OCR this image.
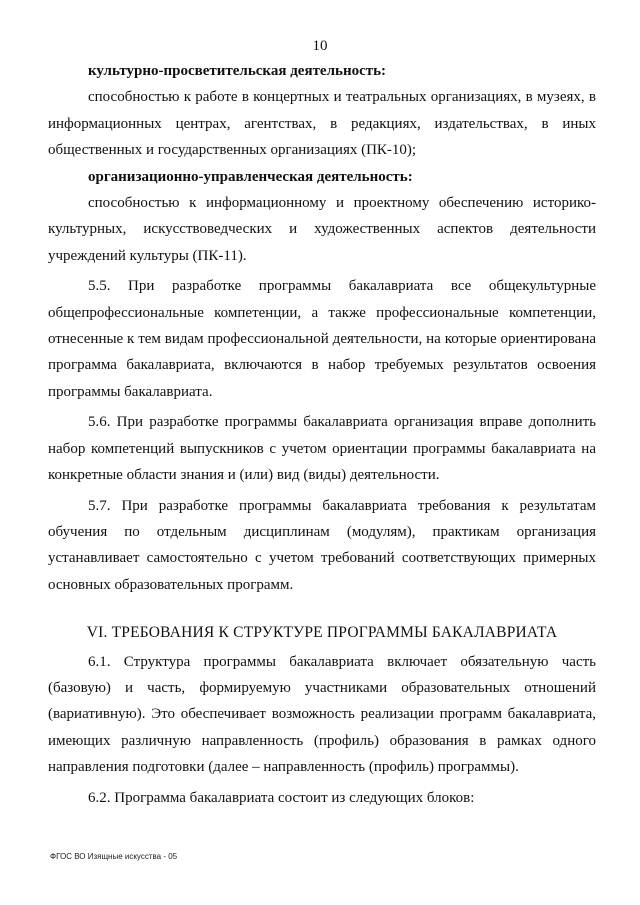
10

культурно-просветительская деятельность:

способностью к работе в концертных и театральных организациях, в музеях, в информационных центрах, агентствах, в редакциях, издательствах, в иных общественных и государственных организациях (ПК-10);

организационно-управленческая деятельность:

способностью к информационному и проектному обеспечению историко-культурных, искусствоведческих и художественных аспектов деятельности учреждений культуры (ПК-11).

5.5. При разработке программы бакалавриата все общекультурные общепрофессиональные компетенции, а также профессиональные компетенции, отнесенные к тем видам профессиональной деятельности, на которые ориентирована программа бакалавриата, включаются в набор требуемых результатов освоения программы бакалавриата.

5.6. При разработке программы бакалавриата организация вправе дополнить набор компетенций выпускников с учетом ориентации программы бакалавриата на конкретные области знания и (или) вид (виды) деятельности.

5.7. При разработке программы бакалавриата требования к результатам обучения по отдельным дисциплинам (модулям), практикам организация устанавливает самостоятельно с учетом требований соответствующих примерных основных образовательных программ.

VI. ТРЕБОВАНИЯ К СТРУКТУРЕ ПРОГРАММЫ БАКАЛАВРИАТА

6.1. Структура программы бакалавриата включает обязательную часть (базовую) и часть, формируемую участниками образовательных отношений (вариативную). Это обеспечивает возможность реализации программ бакалавриата, имеющих различную направленность (профиль) образования в рамках одного направления подготовки (далее – направленность (профиль) программы).

6.2. Программа бакалавриата состоит из следующих блоков:

ФГОС ВО Изящные искусства - 05
